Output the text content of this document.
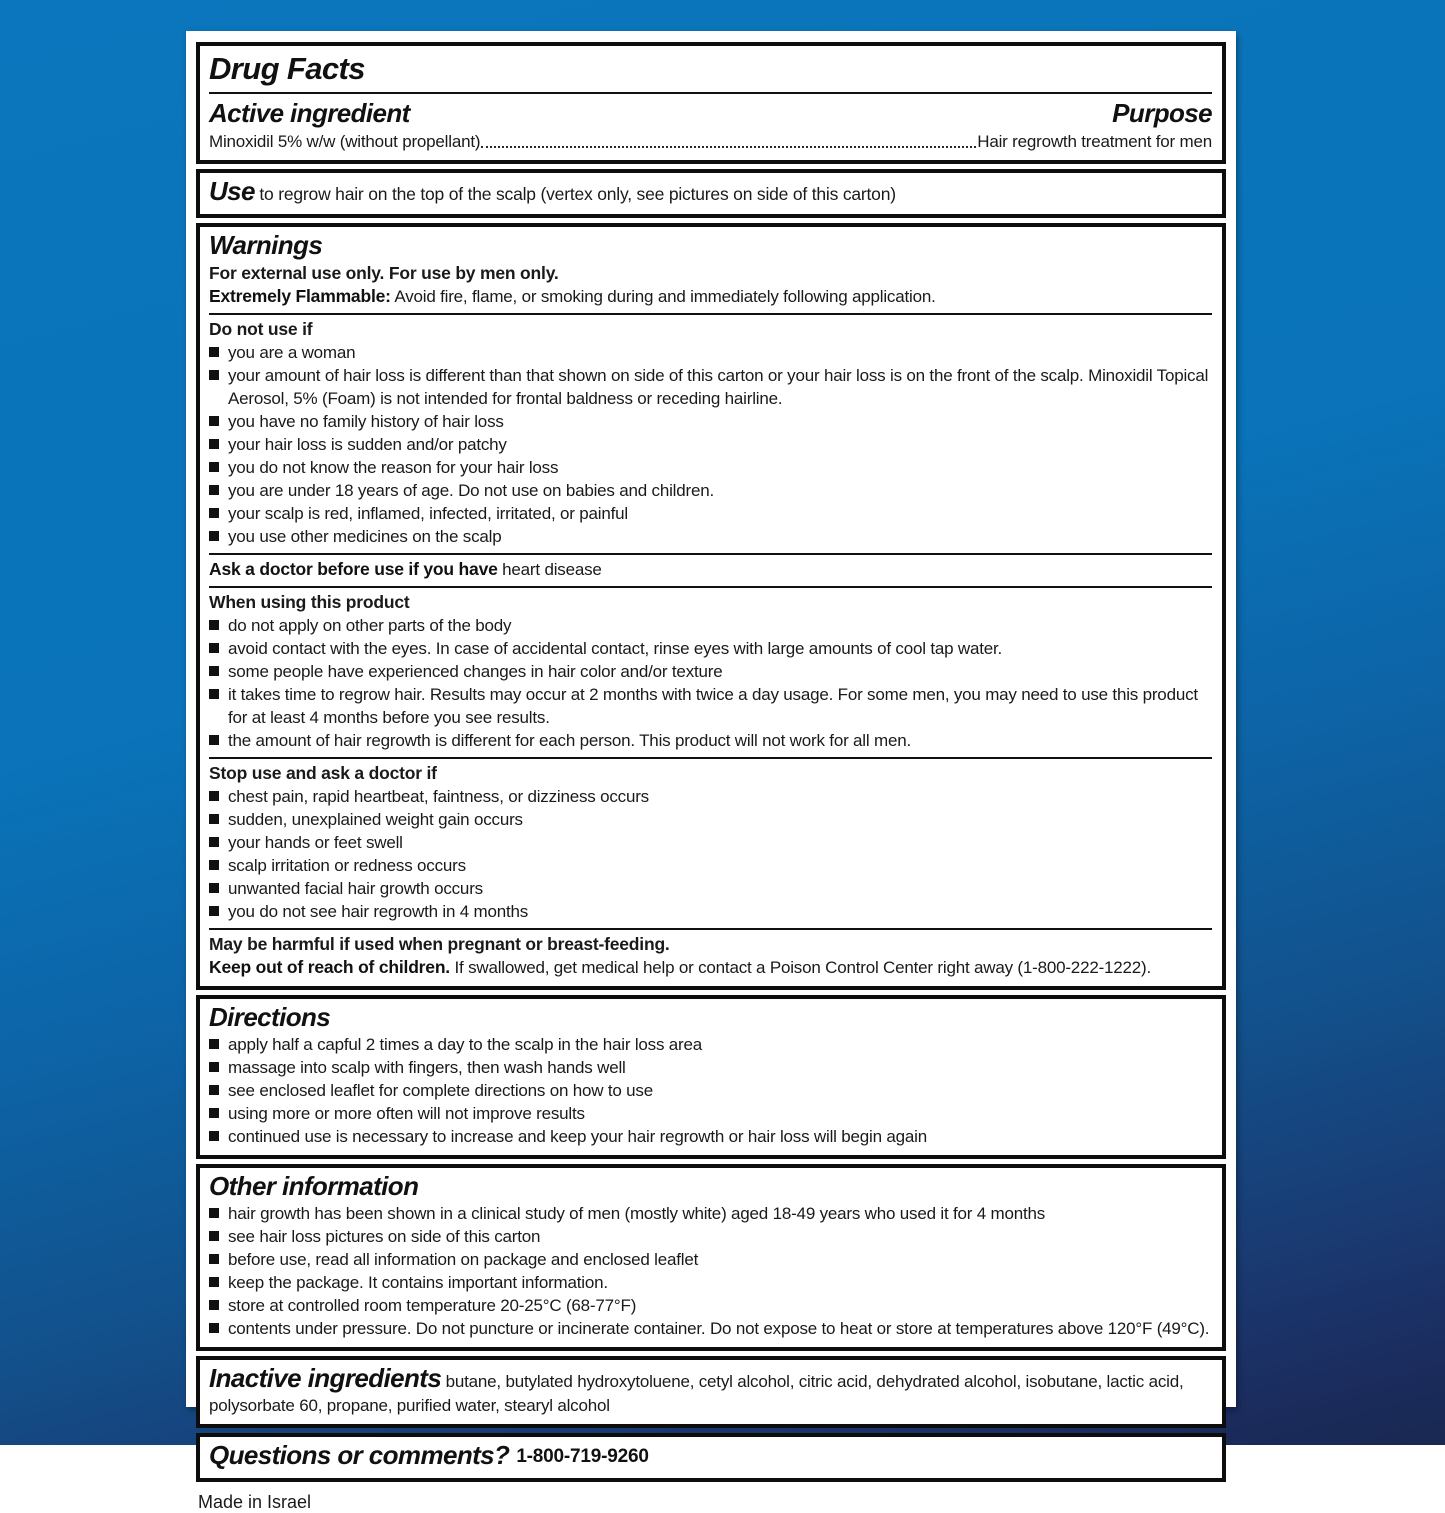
Drug Facts
Active ingredient	Purpose
Minoxidil 5% w/w (without propellant)	Hair regrowth treatment for men
Use to regrow hair on the top of the scalp (vertex only, see pictures on side of this carton)
Warnings
For external use only. For use by men only.
Extremely Flammable: Avoid fire, flame, or smoking during and immediately following application.
Do not use if
you are a woman
your amount of hair loss is different than that shown on side of this carton or your hair loss is on the front of the scalp. Minoxidil Topical Aerosol, 5% (Foam) is not intended for frontal baldness or receding hairline.
you have no family history of hair loss
your hair loss is sudden and/or patchy
you do not know the reason for your hair loss
you are under 18 years of age. Do not use on babies and children.
your scalp is red, inflamed, infected, irritated, or painful
you use other medicines on the scalp
Ask a doctor before use if you have heart disease
When using this product
do not apply on other parts of the body
avoid contact with the eyes. In case of accidental contact, rinse eyes with large amounts of cool tap water.
some people have experienced changes in hair color and/or texture
it takes time to regrow hair. Results may occur at 2 months with twice a day usage. For some men, you may need to use this product for at least 4 months before you see results.
the amount of hair regrowth is different for each person. This product will not work for all men.
Stop use and ask a doctor if
chest pain, rapid heartbeat, faintness, or dizziness occurs
sudden, unexplained weight gain occurs
your hands or feet swell
scalp irritation or redness occurs
unwanted facial hair growth occurs
you do not see hair regrowth in 4 months
May be harmful if used when pregnant or breast-feeding.
Keep out of reach of children. If swallowed, get medical help or contact a Poison Control Center right away (1-800-222-1222).
Directions
apply half a capful 2 times a day to the scalp in the hair loss area
massage into scalp with fingers, then wash hands well
see enclosed leaflet for complete directions on how to use
using more or more often will not improve results
continued use is necessary to increase and keep your hair regrowth or hair loss will begin again
Other information
hair growth has been shown in a clinical study of men (mostly white) aged 18-49 years who used it for 4 months
see hair loss pictures on side of this carton
before use, read all information on package and enclosed leaflet
keep the package. It contains important information.
store at controlled room temperature 20-25°C (68-77°F)
contents under pressure. Do not puncture or incinerate container. Do not expose to heat or store at temperatures above 120°F (49°C).
Inactive ingredients butane, butylated hydroxytoluene, cetyl alcohol, citric acid, dehydrated alcohol, isobutane, lactic acid, polysorbate 60, propane, purified water, stearyl alcohol
Questions or comments? 1-800-719-9260
Made in Israel
